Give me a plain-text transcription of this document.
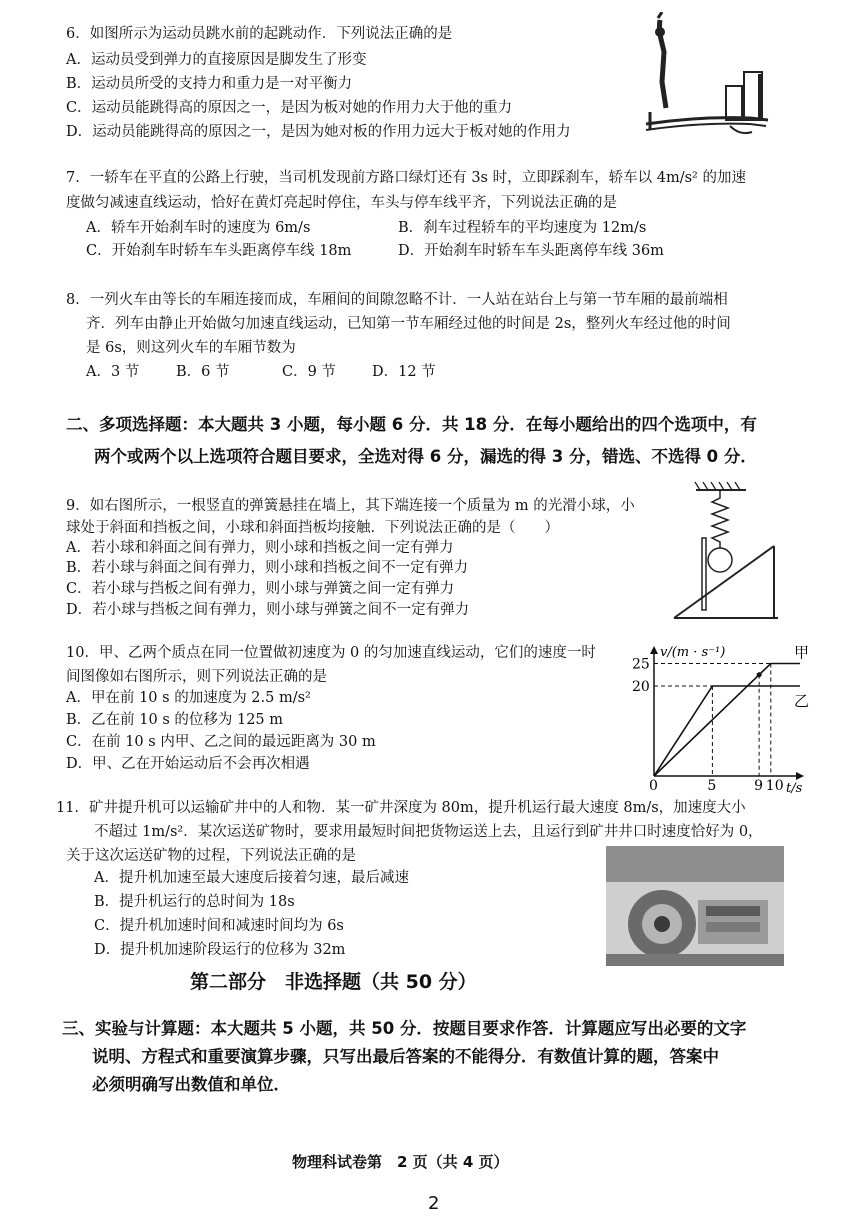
6．如图所示为运动员跳水前的起跳动作．下列说法正确的是
A．运动员受到弹力的直接原因是脚发生了形变
B．运动员所受的支持力和重力是一对平衡力
C．运动员能跳得高的原因之一，是因为板对她的作用力大于他的重力
D．运动员能跳得高的原因之一，是因为她对板的作用力远大于板对她的作用力
7．一轿车在平直的公路上行驶，当司机发现前方路口绿灯还有 3s 时，立即踩刹车，轿车以 4m/s² 的加速
度做匀减速直线运动，恰好在黄灯亮起时停住，车头与停车线平齐，下列说法正确的是
A．轿车开始刹车时的速度为 6m/s	B．刹车过程轿车的平均速度为 12m/s
C．开始刹车时轿车车头距离停车线 18m	D．开始刹车时轿车车头距离停车线 36m
8．一列火车由等长的车厢连接而成，车厢间的间隙忽略不计．一人站在站台上与第一节车厢的最前端相
齐．列车由静止开始做匀加速直线运动，已知第一节车厢经过他的时间是 2s，整列火车经过他的时间
是 6s，则这列火车的车厢节数为
A．3 节	B．6 节	C．9 节 D．12 节
二、多项选择题：本大题共 3 小题，每小题 6 分．共 18 分．在每小题给出的四个选项中，有
两个或两个以上选项符合题目要求，全选对得 6 分，漏选的得 3 分，错选、不选得 0 分．
9．如右图所示，一根竖直的弹簧悬挂在墙上，其下端连接一个质量为 m 的光滑小球，小
球处于斜面和挡板之间，小球和斜面挡板均接触．下列说法正确的是（　　）
A．若小球和斜面之间有弹力，则小球和挡板之间一定有弹力
B．若小球与斜面之间有弹力，则小球和挡板之间不一定有弹力
C．若小球与挡板之间有弹力，则小球与弹簧之间一定有弹力
D．若小球与挡板之间有弹力，则小球与弹簧之间不一定有弹力
10．甲、乙两个质点在同一位置做初速度为 0 的匀加速直线运动，它们的速度一时
间图像如右图所示，则下列说法正确的是
A．甲在前 10 s 的加速度为 2.5 m/s²
B．乙在前 10 s 的位移为 125 m
C．在前 10 s 内甲、乙之间的最远距离为 30 m
D．甲、乙在开始运动后不会再次相遇
v/(m · s⁻¹)
t/s
甲
乙
0	5	9 10
20
25
11．矿井提升机可以运输矿井中的人和物．某一矿井深度为 80m，提升机运行最大速度 8m/s，加速度大小
不超过 1m/s²．某次运送矿物时，要求用最短时间把货物运送上去，且运行到矿井井口时速度恰好为 0，
关于这次运送矿物的过程，下列说法正确的是
A．提升机加速至最大速度后接着匀速，最后减速
B．提升机运行的总时间为 18s
C．提升机加速时间和减速时间均为 6s
D．提升机加速阶段运行的位移为 32m
第二部分　非选择题（共 50 分）
三、实验与计算题：本大题共 5 小题，共 50 分．按题目要求作答．计算题应写出必要的文字
说明、方程式和重要演算步骤，只写出最后答案的不能得分．有数值计算的题，答案中
必须明确写出数值和单位．
物理科试卷第　2 页（共 4 页）
2
